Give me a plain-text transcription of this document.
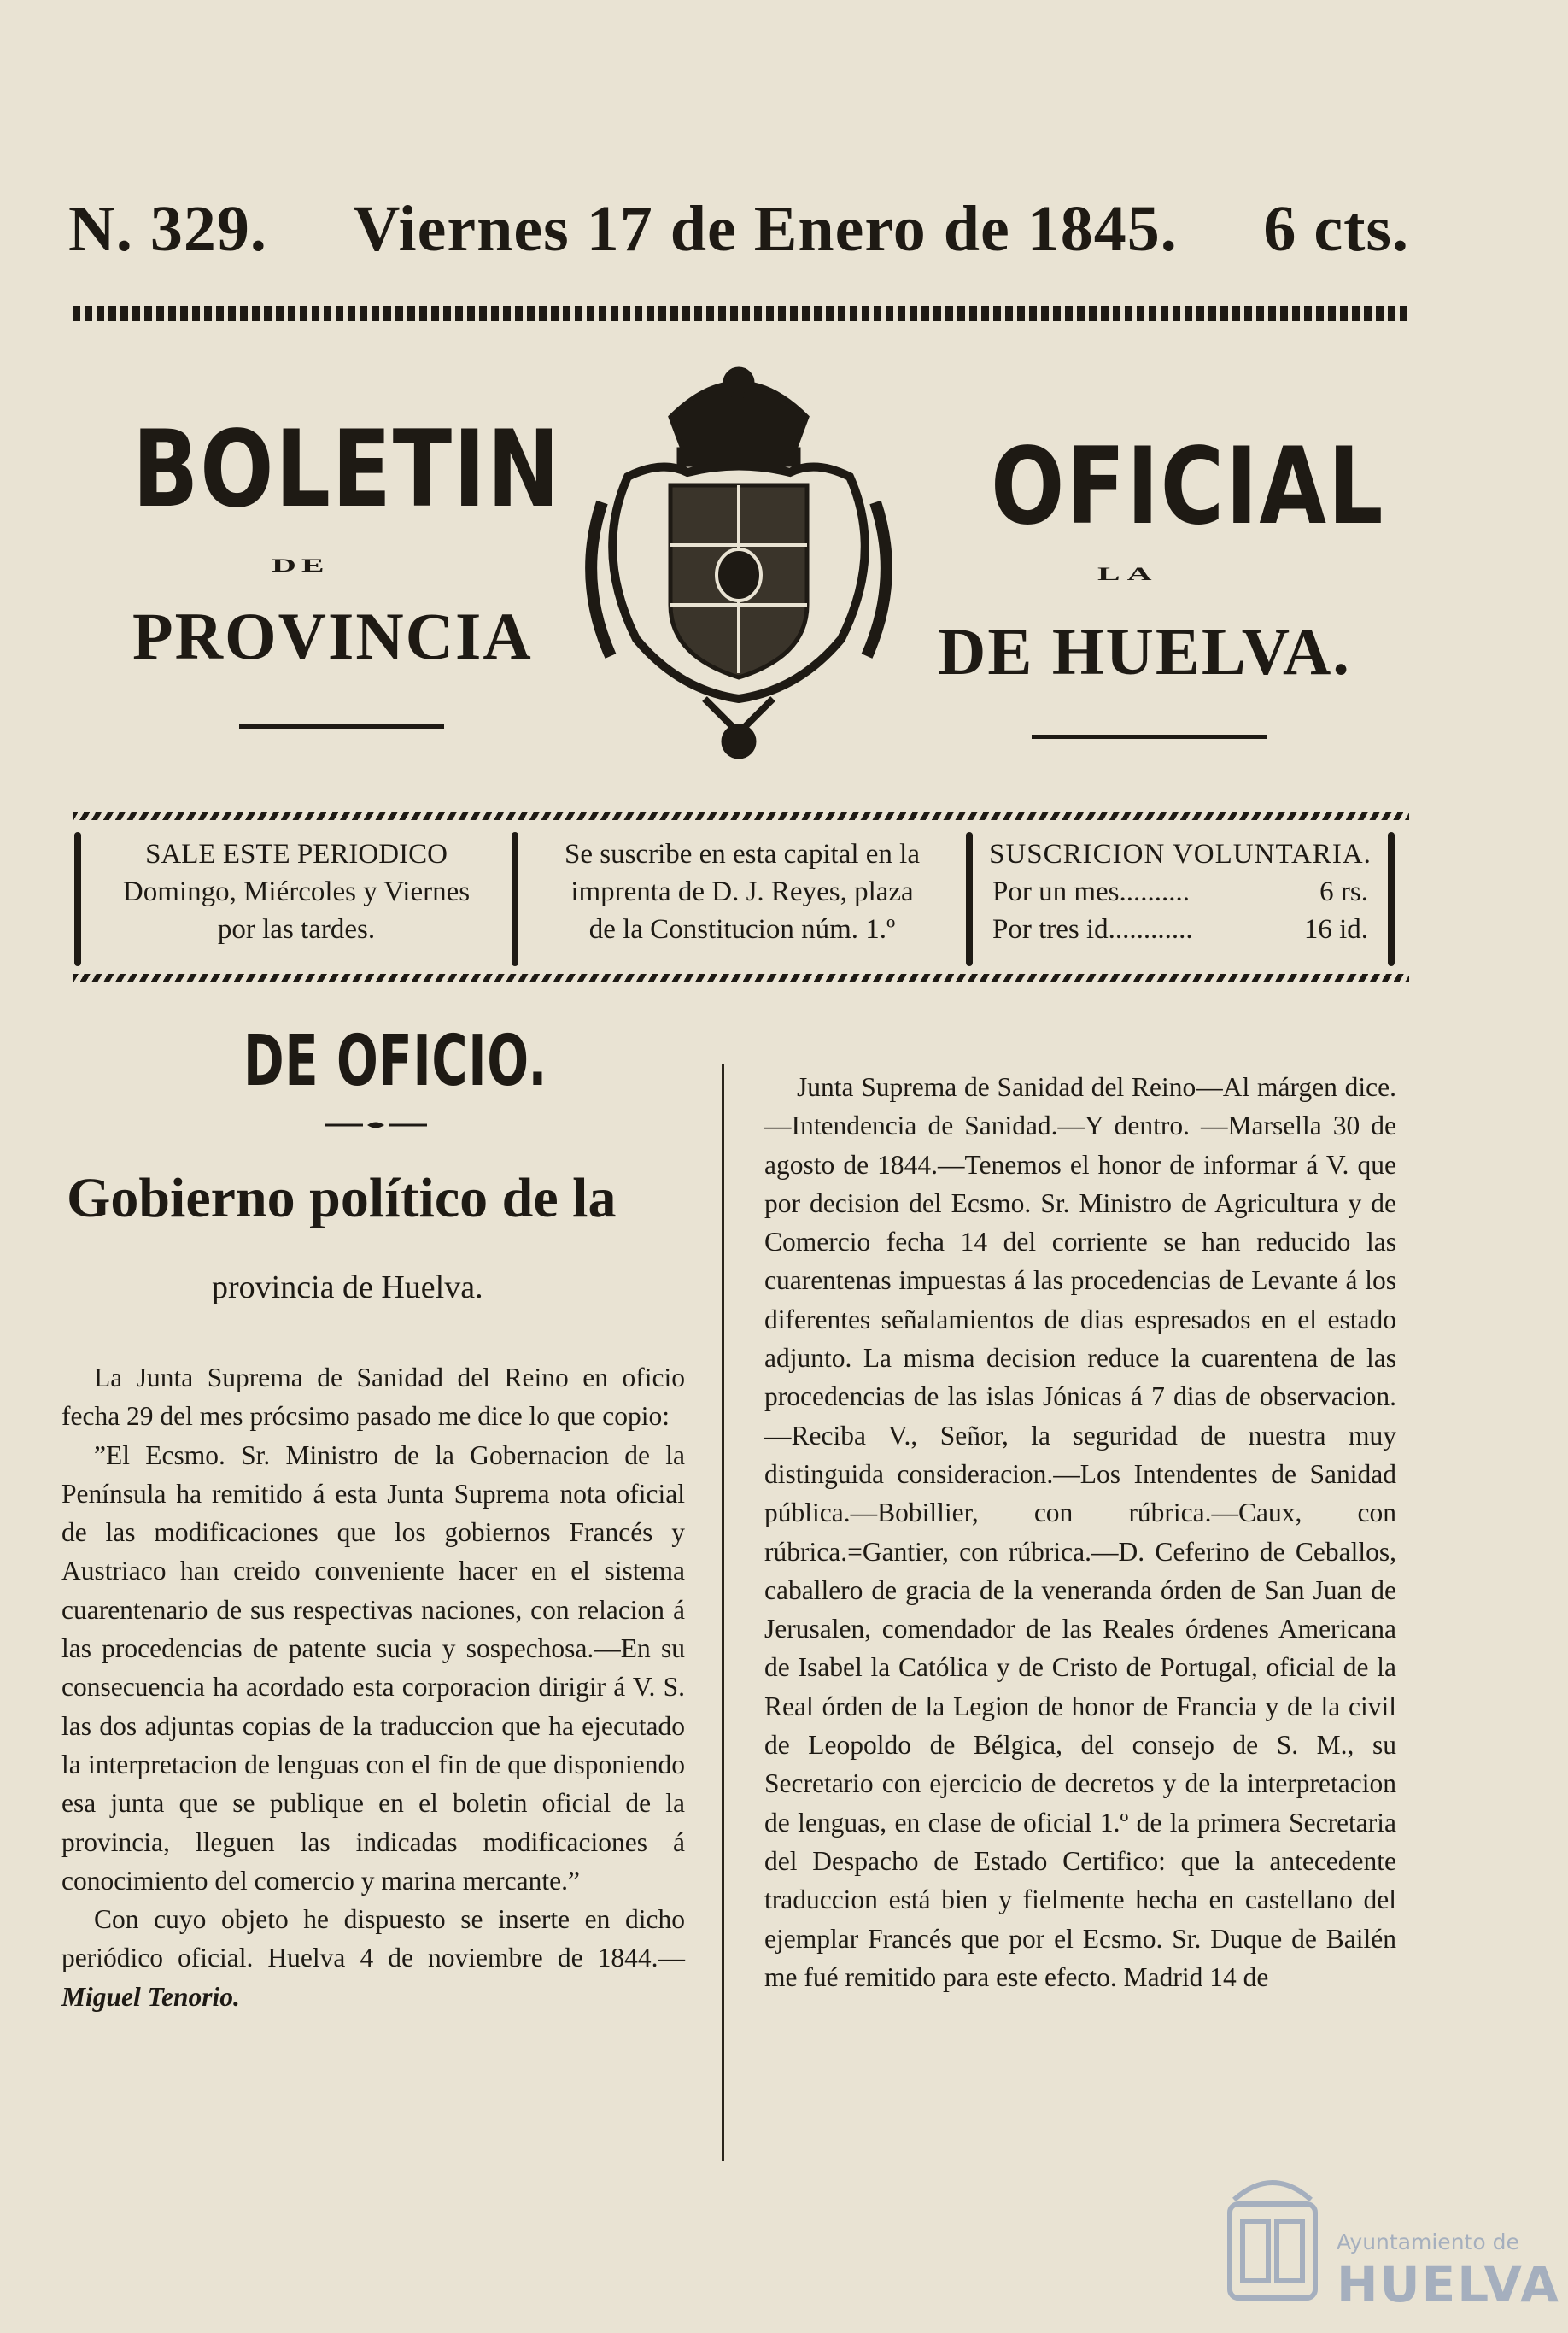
N. 329. Viernes 17 de Enero de 1845. 6 cts.
BOLETIN
DE
PROVINCIA
OFICIAL
LA
DE HUELVA.
SALE ESTE PERIODICO
Domingo, Miércoles y Viernes
por las tardes.
Se suscribe en esta capital en la
imprenta de D. J. Reyes, plaza
de la Constitucion núm. 1.º
SUSCRICION VOLUNTARIA.
Por un mes..........	6 rs.
Por tres id............	16 id.
DE OFICIO.
Gobierno político de la
provincia de Huelva.

La Junta Suprema de Sanidad del Reino en oficio fecha 29 del mes prócsimo pasado me dice lo que copio:

”El Ecsmo. Sr. Ministro de la Gobernacion de la Península ha remitido á esta Junta Suprema nota oficial de las modificaciones que los gobiernos Francés y Austriaco han creido conveniente hacer en el sistema cuarentenario de sus respectivas naciones, con relacion á las procedencias de patente sucia y sospechosa.—En su consecuencia ha acordado esta corporacion dirigir á V. S. las dos adjuntas copias de la traduccion que ha ejecutado la interpretacion de lenguas con el fin de que disponiendo esa junta que se publique en el boletin oficial de la provincia, lleguen las indicadas modificaciones á conocimiento del comercio y marina mercante.”

Con cuyo objeto he dispuesto se inserte en dicho periódico oficial. Huelva 4 de noviembre de 1844.—Miguel Tenorio.

Junta Suprema de Sanidad del Reino—Al márgen dice.—Intendencia de Sanidad.—Y dentro. —Marsella 30 de agosto de 1844.—Tenemos el honor de informar á V. que por decision del Ecsmo. Sr. Ministro de Agricultura y de Comercio fecha 14 del corriente se han reducido las cuarentenas impuestas á las procedencias de Levante á los diferentes señalamientos de dias espresados en el estado adjunto. La misma decision reduce la cuarentena de las procedencias de las islas Jónicas á 7 dias de observacion.—Reciba V., Señor, la seguridad de nuestra muy distinguida consideracion.—Los Intendentes de Sanidad pública.—Bobillier, con rúbrica.—Caux, con rúbrica.=Gantier, con rúbrica.—D. Ceferino de Ceballos, caballero de gracia de la veneranda órden de San Juan de Jerusalen, comendador de las Reales órdenes Americana de Isabel la Católica y de Cristo de Portugal, oficial de la Real órden de la Legion de honor de Francia y de la civil de Leopoldo de Bélgica, del consejo de S. M., su Secretario con ejercicio de decretos y de la interpretacion de lenguas, en clase de oficial 1.º de la primera Secretaria del Despacho de Estado Certifico: que la antecedente traduccion está bien y fielmente hecha en castellano del ejemplar Francés que por el Ecsmo. Sr. Duque de Bailén me fué remitido para este efecto. Madrid 14 de

Ayuntamiento de
HUELVA
